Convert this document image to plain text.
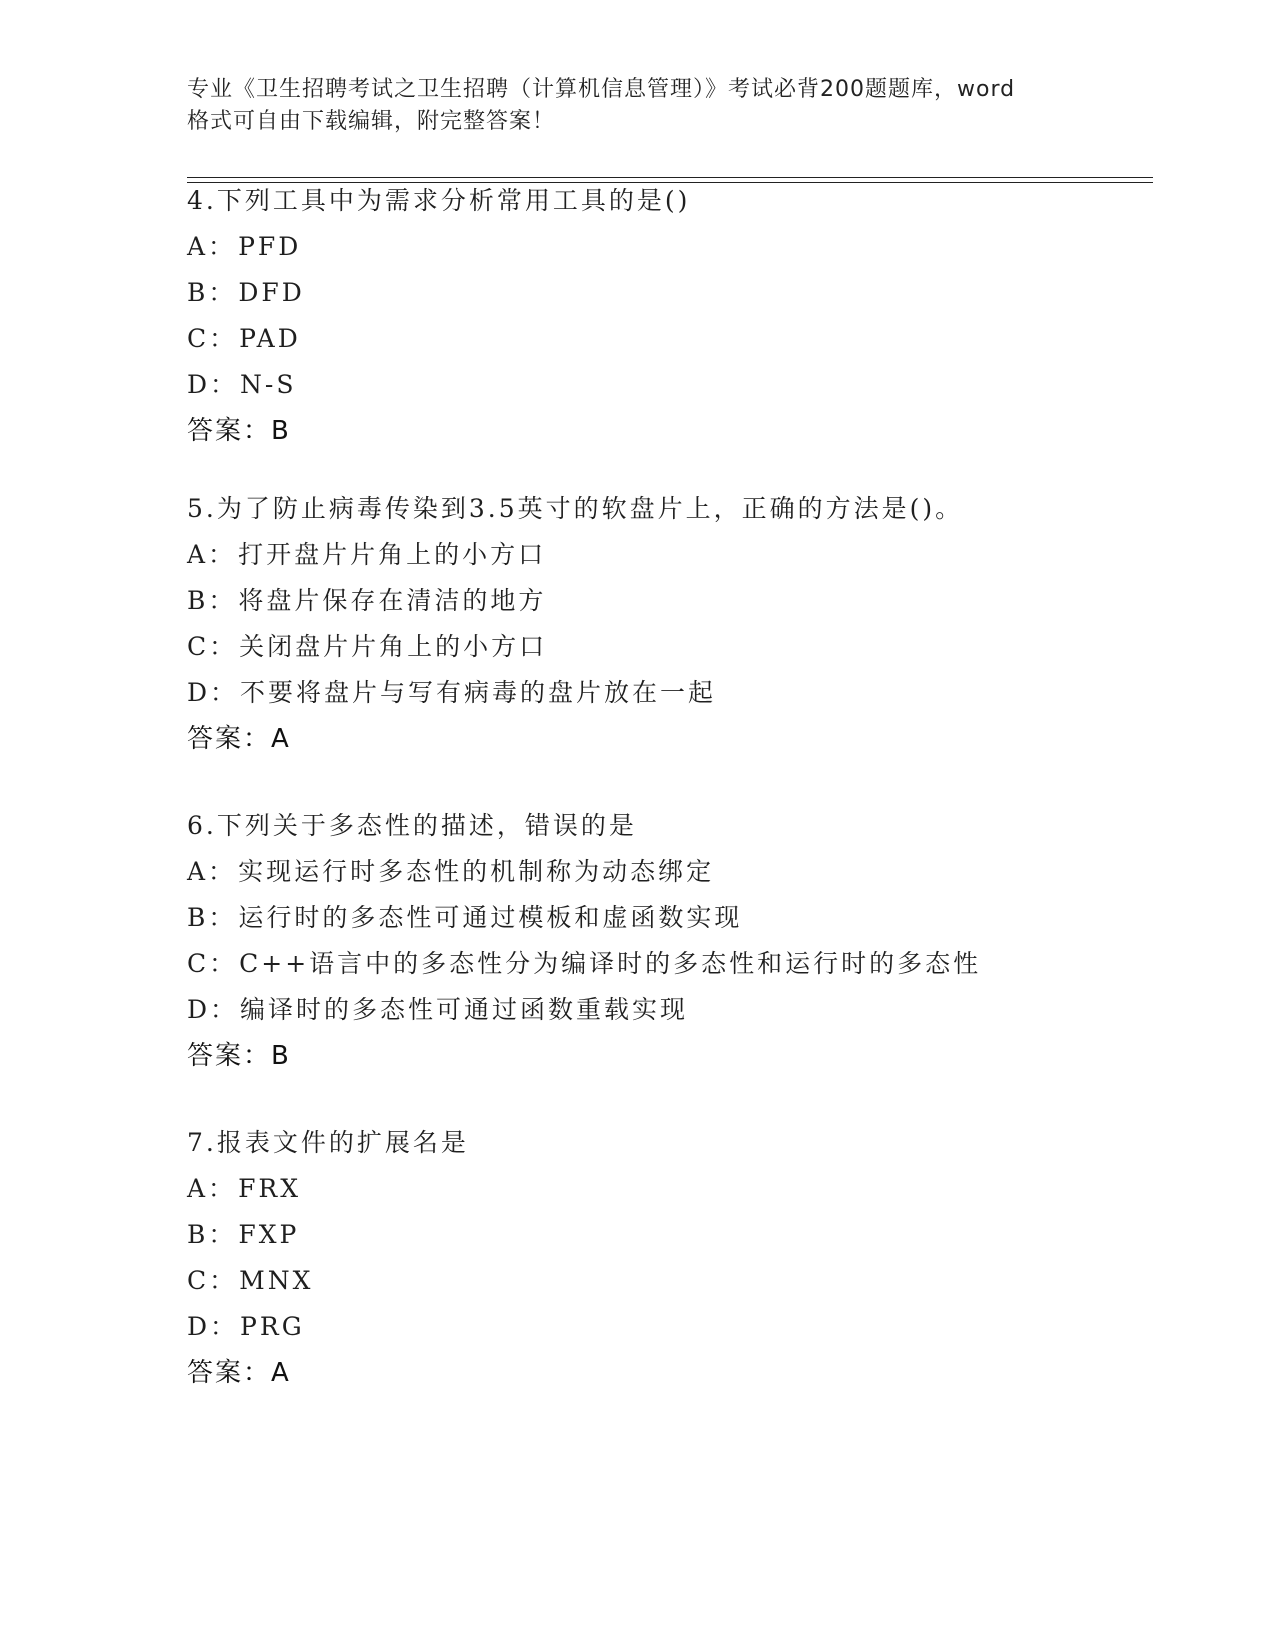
专业《卫生招聘考试之卫生招聘（计算机信息管理）》考试必背200题题库，word
格式可自由下载编辑，附完整答案！
4.下列工具中为需求分析常用工具的是()
A：PFD
B：DFD
C：PAD
D：N-S
答案：B
5.为了防止病毒传染到3.5英寸的软盘片上，正确的方法是()。
A：打开盘片片角上的小方口
B：将盘片保存在清洁的地方
C：关闭盘片片角上的小方口
D：不要将盘片与写有病毒的盘片放在一起
答案：A
6.下列关于多态性的描述，错误的是
A：实现运行时多态性的机制称为动态绑定
B：运行时的多态性可通过模板和虚函数实现
C：C++语言中的多态性分为编译时的多态性和运行时的多态性
D：编译时的多态性可通过函数重载实现
答案：B
7.报表文件的扩展名是
A：FRX
B：FXP
C：MNX
D：PRG
答案：A
